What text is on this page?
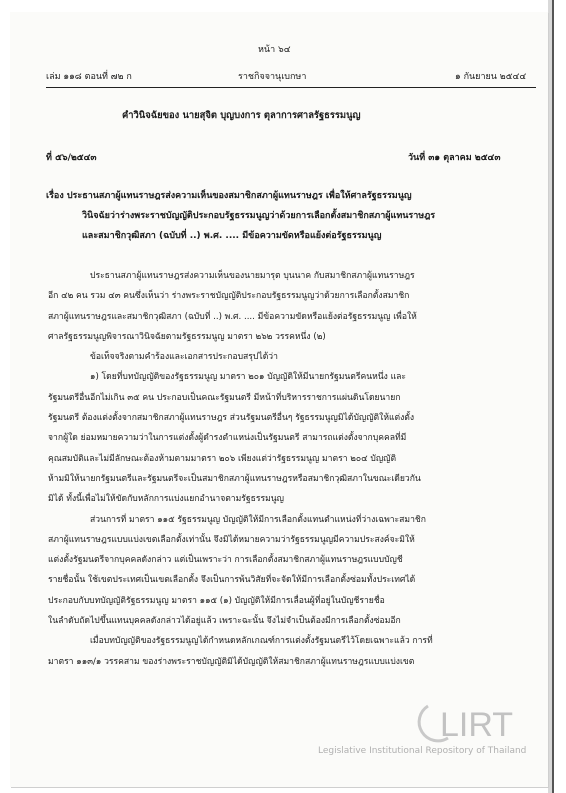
หน้า ๖๔
เล่ม ๑๑๘ ตอนที่ ๗๒ ก	ราชกิจจานุเบกษา	๑ กันยายน ๒๕๔๔
คำวินิจฉัยของ นายสุจิต บุญบงการ ตุลาการศาลรัฐธรรมนูญ
ที่ ๕๖/๒๕๔๓	วันที่ ๓๑ ตุลาคม ๒๕๔๓
เรื่อง ประธานสภาผู้แทนราษฎรส่งความเห็นของสมาชิกสภาผู้แทนราษฎร เพื่อให้ศาลรัฐธรรมนูญ
วินิจฉัยว่าร่างพระราชบัญญัติประกอบรัฐธรรมนูญว่าด้วยการเลือกตั้งสมาชิกสภาผู้แทนราษฎร
และสมาชิกวุฒิสภา (ฉบับที่ ..) พ.ศ. .... มีข้อความขัดหรือแย้งต่อรัฐธรรมนูญ
ประธานสภาผู้แทนราษฎรส่งความเห็นของนายมารุต บุนนาค กับสมาชิกสภาผู้แทนราษฎร
อีก ๔๒ คน รวม ๔๓ คนซึ่งเห็นว่า ร่างพระราชบัญญัติประกอบรัฐธรรมนูญว่าด้วยการเลือกตั้งสมาชิก
สภาผู้แทนราษฎรและสมาชิกวุฒิสภา (ฉบับที่ ..) พ.ศ. .... มีข้อความขัดหรือแย้งต่อรัฐธรรมนูญ เพื่อให้
ศาลรัฐธรรมนูญพิจารณาวินิจฉัยตามรัฐธรรมนูญ มาตรา ๒๖๒ วรรคหนึ่ง (๒)
ข้อเท็จจริงตามคำร้องและเอกสารประกอบสรุปได้ว่า
๑) โดยที่บทบัญญัติของรัฐธรรมนูญ มาตรา ๒๐๑ บัญญัติให้มีนายกรัฐมนตรีคนหนึ่ง และ
รัฐมนตรีอื่นอีกไม่เกิน ๓๕ คน ประกอบเป็นคณะรัฐมนตรี มีหน้าที่บริหารราชการแผ่นดินโดยนายก
รัฐมนตรี ต้องแต่งตั้งจากสมาชิกสภาผู้แทนราษฎร ส่วนรัฐมนตรีอื่นๆ รัฐธรรมนูญมิได้บัญญัติให้แต่งตั้ง
จากผู้ใด ย่อมหมายความว่าในการแต่งตั้งผู้ดำรงตำแหน่งเป็นรัฐมนตรี สามารถแต่งตั้งจากบุคคลที่มี
คุณสมบัติและไม่มีลักษณะต้องห้ามตามมาตรา ๒๐๖ เพียงแต่ว่ารัฐธรรมนูญ มาตรา ๒๐๔ บัญญัติ
ห้ามมิให้นายกรัฐมนตรีและรัฐมนตรีจะเป็นสมาชิกสภาผู้แทนราษฎรหรือสมาชิกวุฒิสภาในขณะเดียวกัน
มิได้ ทั้งนี้เพื่อไม่ให้ขัดกับหลักการแบ่งแยกอำนาจตามรัฐธรรมนูญ
ส่วนการที่ มาตรา ๑๑๕ รัฐธรรมนูญ บัญญัติให้มีการเลือกตั้งแทนตำแหน่งที่ว่างเฉพาะสมาชิก
สภาผู้แทนราษฎรแบบแบ่งเขตเลือกตั้งเท่านั้น จึงมิได้หมายความว่ารัฐธรรมนูญมีความประสงค์จะมิให้
แต่งตั้งรัฐมนตรีจากบุคคลดังกล่าว แต่เป็นเพราะว่า การเลือกตั้งสมาชิกสภาผู้แทนราษฎรแบบบัญชี
รายชื่อนั้น ใช้เขตประเทศเป็นเขตเลือกตั้ง จึงเป็นการพ้นวิสัยที่จะจัดให้มีการเลือกตั้งซ่อมทั้งประเทศได้
ประกอบกับบทบัญญัติรัฐธรรมนูญ มาตรา ๑๑๕ (๑) บัญญัติให้มีการเลื่อนผู้ที่อยู่ในบัญชีรายชื่อ
ในลำดับถัดไปขึ้นแทนบุคคลดังกล่าวได้อยู่แล้ว เพราะฉะนั้น จึงไม่จำเป็นต้องมีการเลือกตั้งซ่อมอีก
เมื่อบทบัญญัติของรัฐธรรมนูญได้กำหนดหลักเกณฑ์การแต่งตั้งรัฐมนตรีไว้โดยเฉพาะแล้ว การที่
มาตรา ๑๑๓/๑ วรรคสาม ของร่างพระราชบัญญัติมิได้บัญญัติให้สมาชิกสภาผู้แทนราษฎรแบบแบ่งเขต
LIRT
Legislative Institutional Repository of Thailand
